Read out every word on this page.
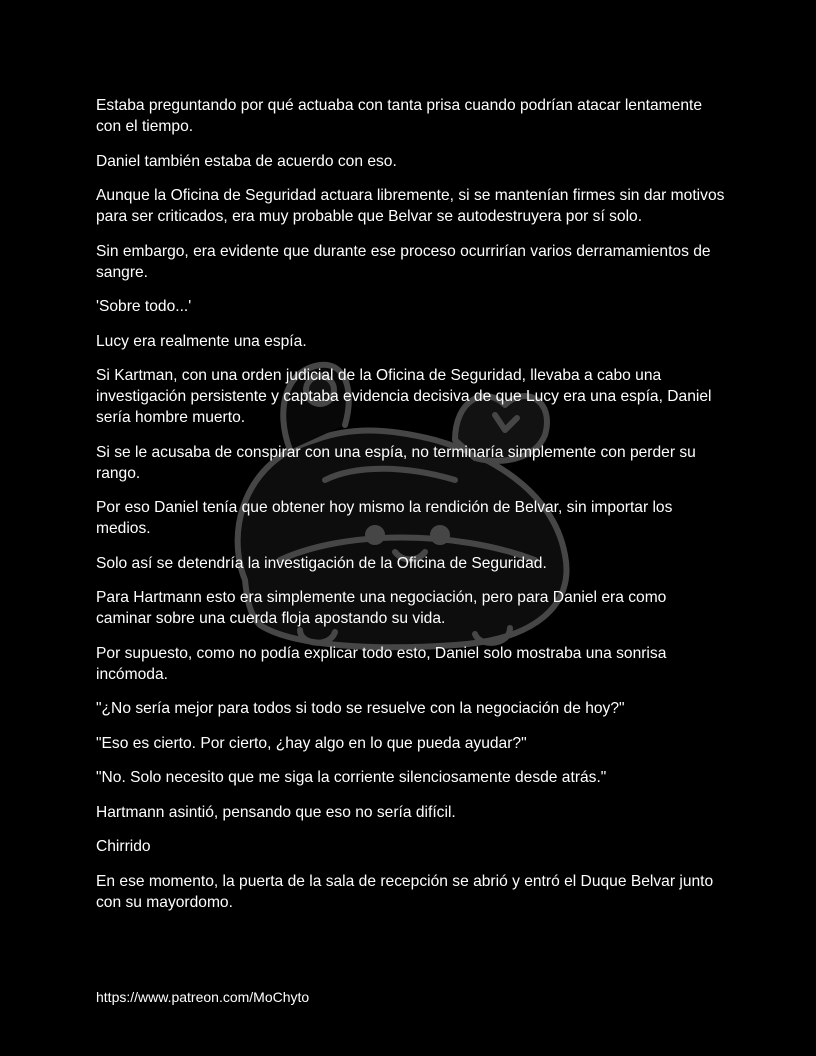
Estaba preguntando por qué actuaba con tanta prisa cuando podrían atacar lentamente con el tiempo.

Daniel también estaba de acuerdo con eso.

Aunque la Oficina de Seguridad actuara libremente, si se mantenían firmes sin dar motivos para ser criticados, era muy probable que Belvar se autodestruyera por sí solo.

Sin embargo, era evidente que durante ese proceso ocurrirían varios derramamientos de sangre.

'Sobre todo...'

Lucy era realmente una espía.

Si Kartman, con una orden judicial de la Oficina de Seguridad, llevaba a cabo una investigación persistente y captaba evidencia decisiva de que Lucy era una espía, Daniel sería hombre muerto.

Si se le acusaba de conspirar con una espía, no terminaría simplemente con perder su rango.

Por eso Daniel tenía que obtener hoy mismo la rendición de Belvar, sin importar los medios.

Solo así se detendría la investigación de la Oficina de Seguridad.

Para Hartmann esto era simplemente una negociación, pero para Daniel era como caminar sobre una cuerda floja apostando su vida.

Por supuesto, como no podía explicar todo esto, Daniel solo mostraba una sonrisa incómoda.

"¿No sería mejor para todos si todo se resuelve con la negociación de hoy?"

"Eso es cierto. Por cierto, ¿hay algo en lo que pueda ayudar?"

"No. Solo necesito que me siga la corriente silenciosamente desde atrás."

Hartmann asintió, pensando que eso no sería difícil.

Chirrido

En ese momento, la puerta de la sala de recepción se abrió y entró el Duque Belvar junto con su mayordomo.

https://www.patreon.com/MoChyto
